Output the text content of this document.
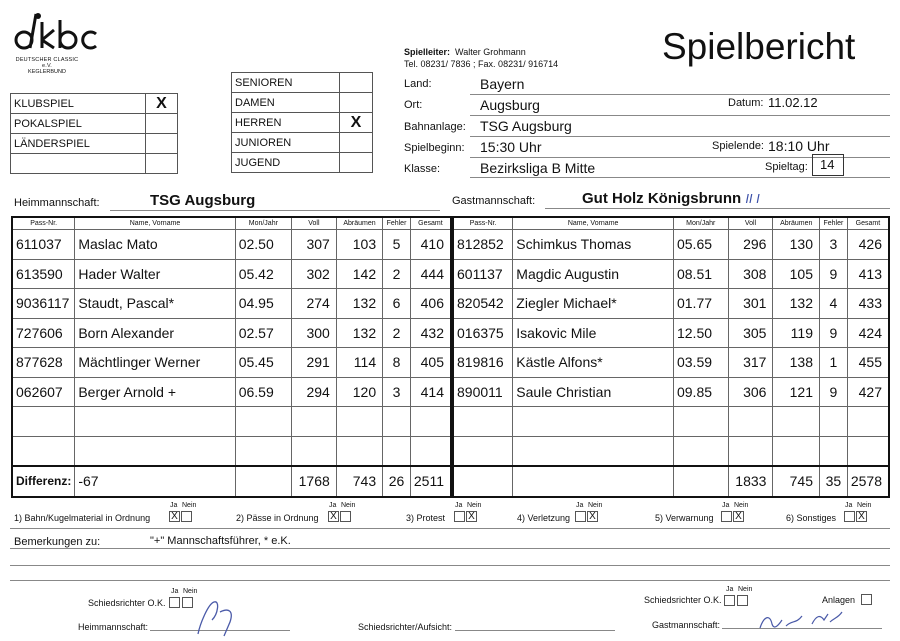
DEUTSCHER CLASSIC e.V.
KEGLERBUND
Spielbericht
Spielleiter: Walter Grohmann
Tel. 08231/ 7836 ; Fax. 08231/ 916714
KLUBSPIEL	X
POKALSPIEL	
LÄNDERSPIEL	

SENIOREN	
DAMEN	
HERREN	X
JUNIOREN	
JUGEND	
Land:	Bayern
Ort:	Augsburg	Datum: 11.02.12
Bahnanlage: TSG Augsburg
Spielbeginn: 15:30 Uhr	Spielende: 18:10 Uhr
Klasse:	Bezirksliga B Mitte	Spieltag: 14
Heimmannschaft:	TSG Augsburg	Gastmannschaft:	Gut Holz Königsbrunn II I
Pass-Nr.	Name, Vorname	Mon/Jahr	Voll	Abräumen	Fehler	Gesamt
611037	Maslac Mato	02.50	307	103	5	410
613590	Hader Walter	05.42	302	142	2	444
9036117	Staudt, Pascal*	04.95	274	132	6	406
727606	Born Alexander	02.57	300	132	2	432
877628	Mächtlinger Werner	05.45	291	114	8	405
062607	Berger Arnold +	06.59	294	120	3	414

Differenz:	-67		1768	743	26	2511
Pass-Nr.	Name, Vorname	Mon/Jahr	Voll	Abräumen	Fehler	Gesamt
812852	Schimkus Thomas	05.65	296	130	3	426
601137	Magdic Augustin	08.51	308	105	9	413
820542	Ziegler Michael*	01.77	301	132	4	433
016375	Isakovic Mile	12.50	305	119	9	424
819816	Kästle Alfons*	03.59	317	138	1	455
890011	Saule Christian	09.85	306	121	9	427

			1833	745	35	2578
1) Bahn/Kugelmaterial in Ordnung
Ja
X
Nein
2) Pässe in Ordnung
Ja
X
Nein
3) Protest
Ja Nein
X	4) Verletzung
Ja Nein
X	5) Verwarnung
Ja Nein
X	6) Sonstiges
Ja Nein
X
Bemerkungen zu:	"+" Mannschaftsführer, * e.K.
Ja Nein
Schiedsrichter O.K.
Ja Nein
Schiedsrichter O.K.	Anlagen
Heimmannschaft:	Schiedsrichter/Aufsicht:	Gastmannschaft:
